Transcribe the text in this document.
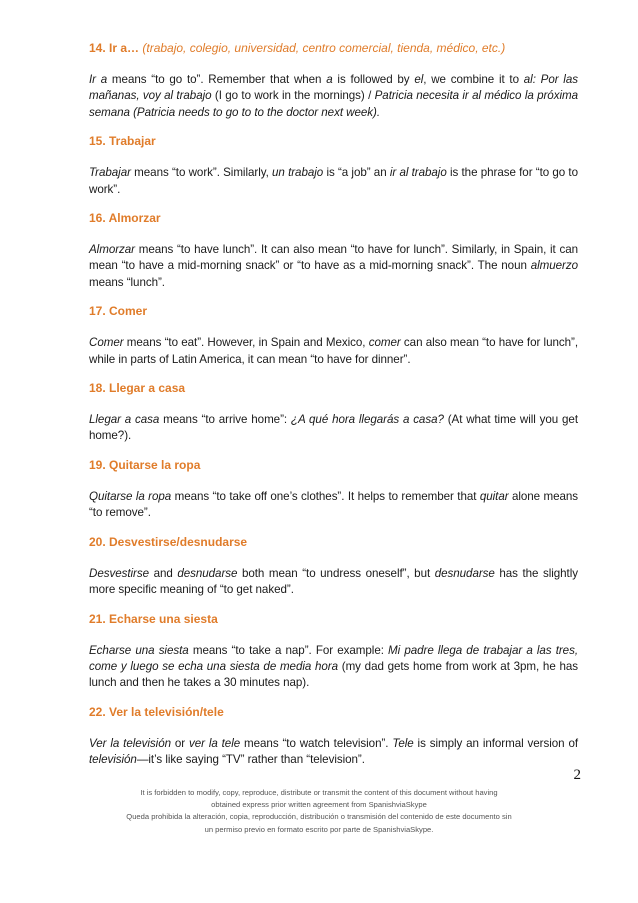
14. Ir a… (trabajo, colegio, universidad, centro comercial, tienda, médico, etc.)
Ir a means “to go to”. Remember that when a is followed by el, we combine it to al: Por las mañanas, voy al trabajo (I go to work in the mornings) / Patricia necesita ir al médico la próxima semana (Patricia needs to go to to the doctor next week).
15. Trabajar
Trabajar means “to work”. Similarly, un trabajo is “a job” an ir al trabajo is the phrase for “to go to work”.
16. Almorzar
Almorzar means “to have lunch”. It can also mean “to have for lunch”. Similarly, in Spain, it can mean “to have a mid-morning snack” or “to have as a mid-morning snack”. The noun almuerzo means “lunch”.
17. Comer
Comer means “to eat”. However, in Spain and Mexico, comer can also mean “to have for lunch”, while in parts of Latin America, it can mean “to have for dinner”.
18. Llegar a casa
Llegar a casa means “to arrive home”: ¿A qué hora llegarás a casa? (At what time will you get home?).
19. Quitarse la ropa
Quitarse la ropa means “to take off one’s clothes”. It helps to remember that quitar alone means “to remove”.
20. Desvestirse/desnudarse
Desvestirse and desnudarse both mean “to undress oneself”, but desnudarse has the slightly more specific meaning of “to get naked”.
21. Echarse una siesta
Echarse una siesta means “to take a nap”. For example: Mi padre llega de trabajar a las tres, come y luego se echa una siesta de media hora (my dad gets home from work at 3pm, he has lunch and then he takes a 30 minutes nap).
22. Ver la televisión/tele
Ver la televisión or ver la tele means “to watch television”. Tele is simply an informal version of televisión—it’s like saying “TV” rather than “television”.
2
It is forbidden to modify, copy, reproduce, distribute or transmit the content of this document without having
obtained express prior written agreement from SpanishviaSkype
Queda prohibida la alteración, copia, reproducción, distribución o transmisión del contenido de este documento sin
un permiso previo en formato escrito por parte de SpanishviaSkype.
